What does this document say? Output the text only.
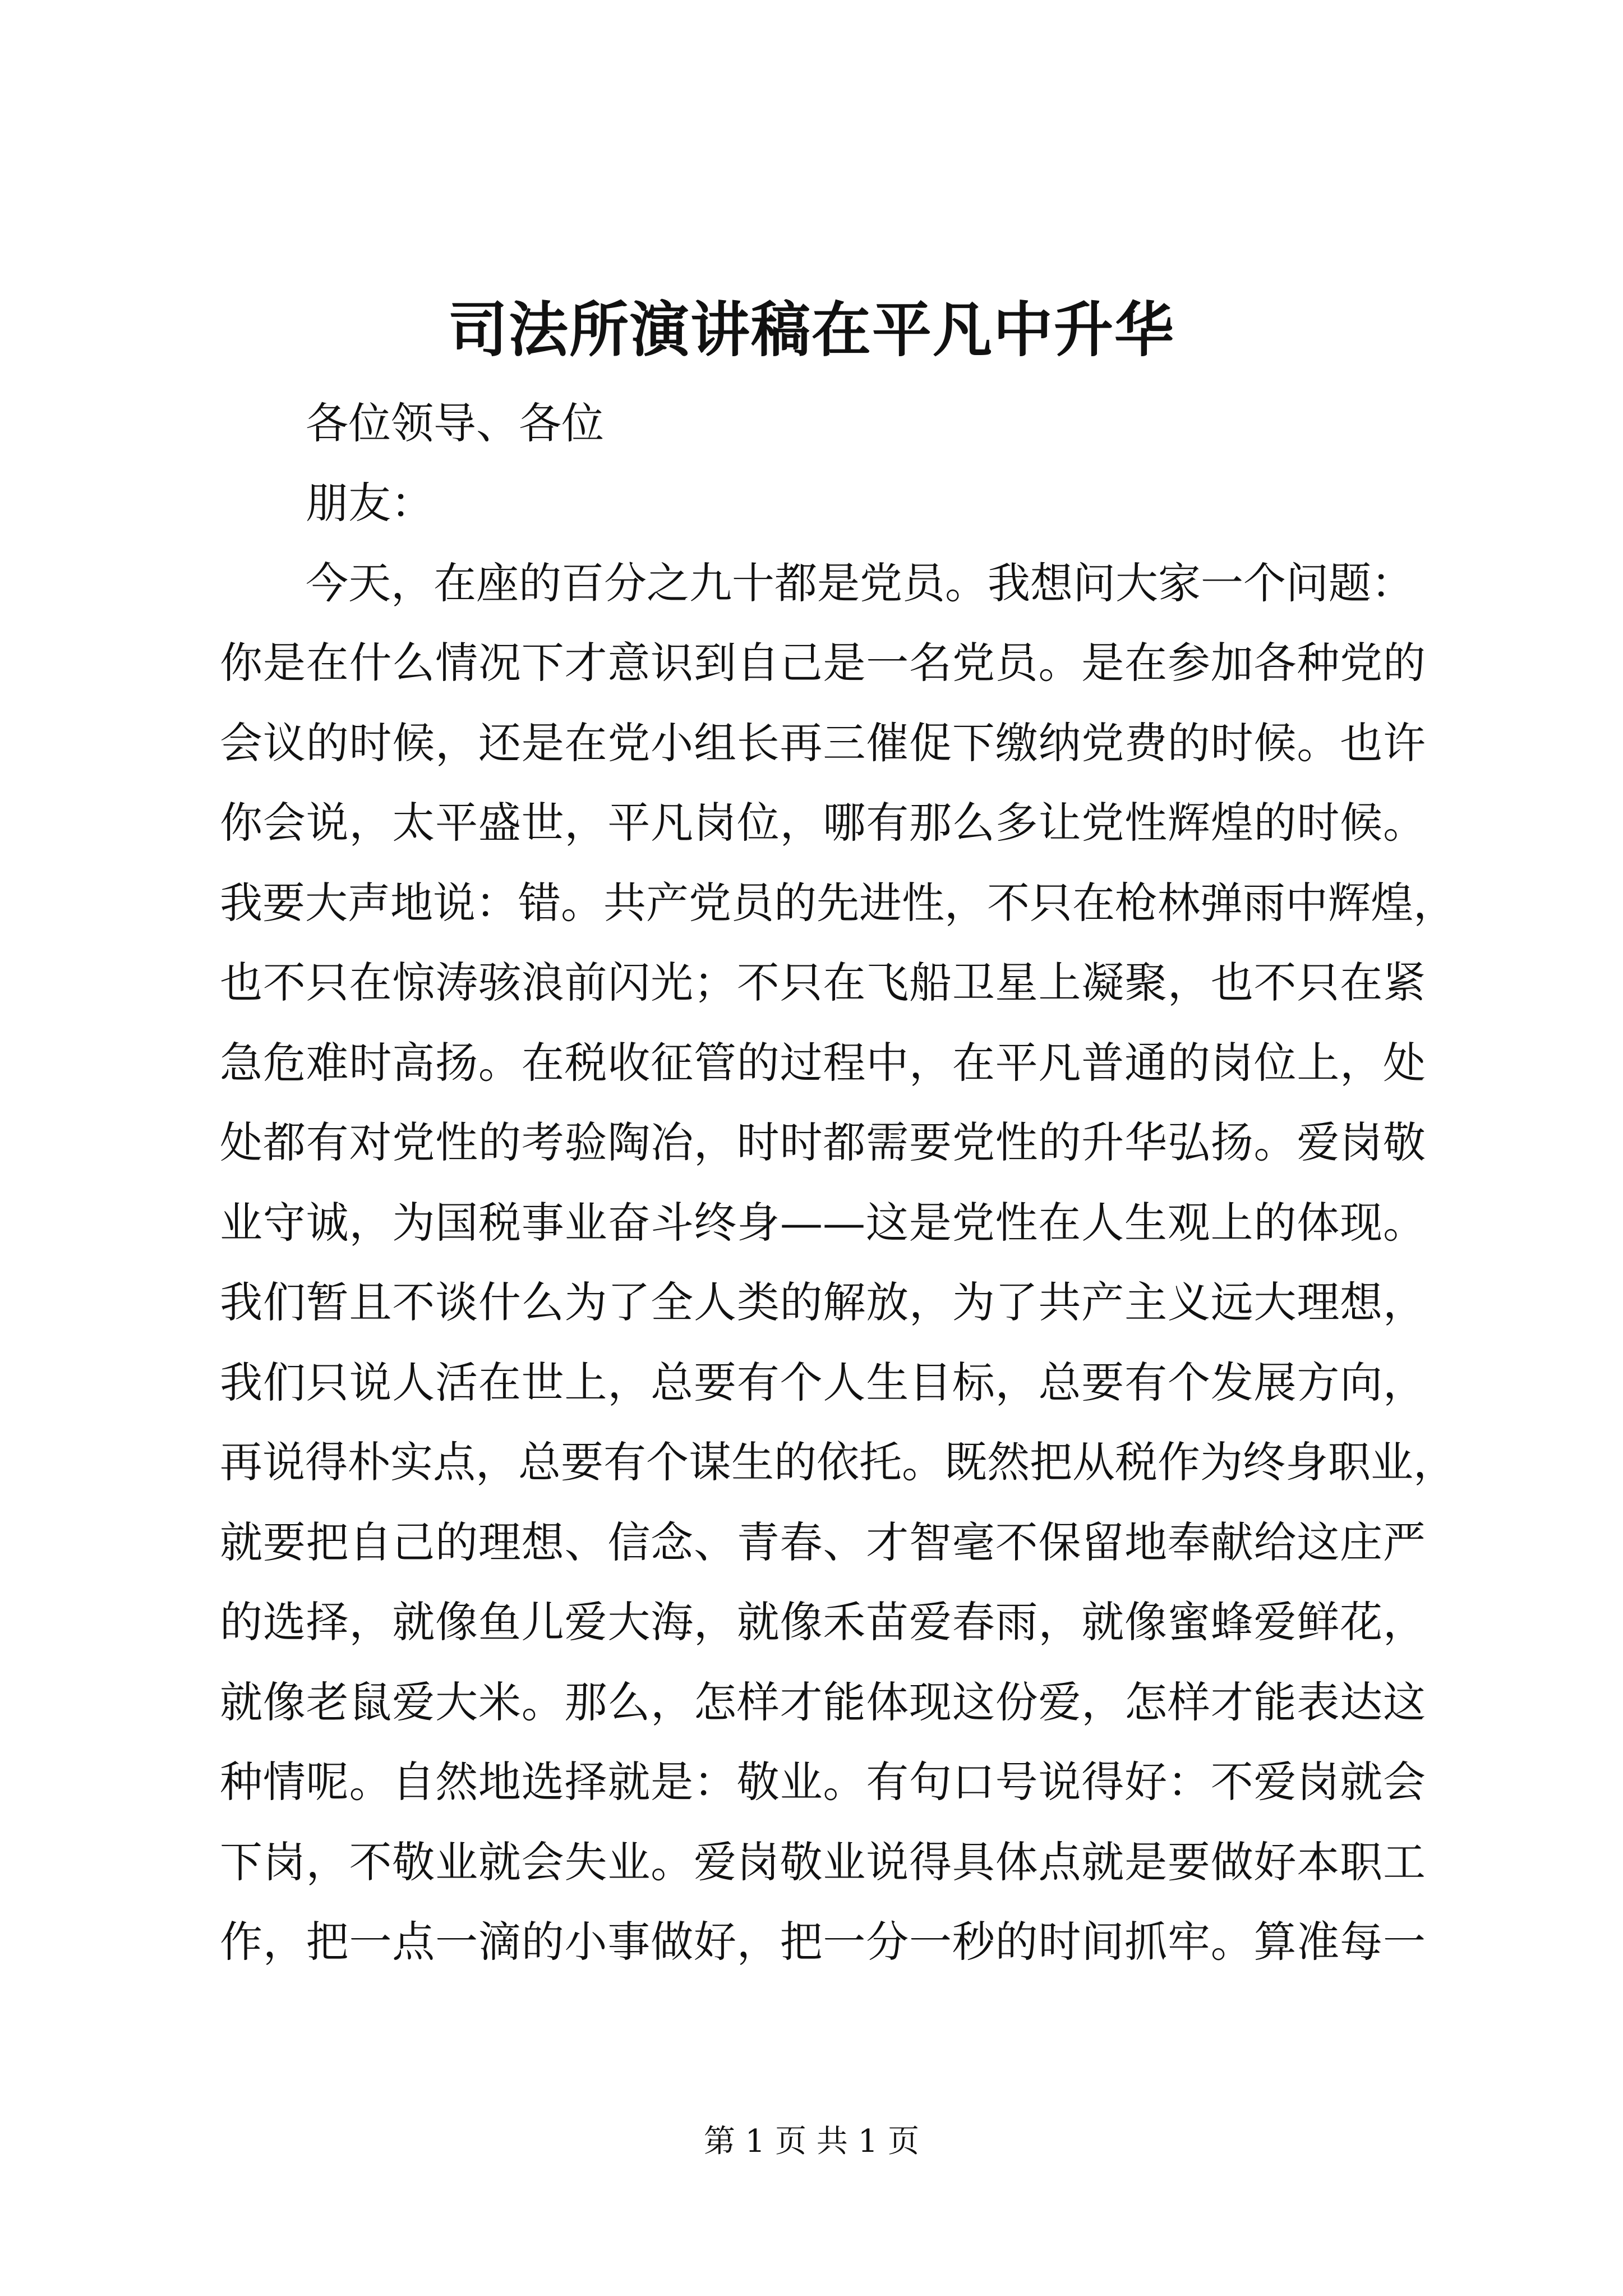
司法所演讲稿在平凡中升华
各位领导、各位
朋友：
今天，在座的百分之九十都是党员。我想问大家一个问题：
你是在什么情况下才意识到自己是一名党员。是在参加各种党的
会议的时候，还是在党小组长再三催促下缴纳党费的时候。也许
你会说，太平盛世，平凡岗位，哪有那么多让党性辉煌的时候。
我要大声地说：错。共产党员的先进性，不只在枪林弹雨中辉煌，
也不只在惊涛骇浪前闪光；不只在飞船卫星上凝聚，也不只在紧
急危难时高扬。在税收征管的过程中，在平凡普通的岗位上，处
处都有对党性的考验陶冶，时时都需要党性的升华弘扬。爱岗敬
业守诚，为国税事业奋斗终身——这是党性在人生观上的体现。
我们暂且不谈什么为了全人类的解放，为了共产主义远大理想，
我们只说人活在世上，总要有个人生目标，总要有个发展方向，
再说得朴实点，总要有个谋生的依托。既然把从税作为终身职业，
就要把自己的理想、信念、青春、才智毫不保留地奉献给这庄严
的选择，就像鱼儿爱大海，就像禾苗爱春雨，就像蜜蜂爱鲜花，
就像老鼠爱大米。那么，怎样才能体现这份爱，怎样才能表达这
种情呢。自然地选择就是：敬业。有句口号说得好：不爱岗就会
下岗，不敬业就会失业。爱岗敬业说得具体点就是要做好本职工
作，把一点一滴的小事做好，把一分一秒的时间抓牢。算准每一
第 1 页 共 1 页
